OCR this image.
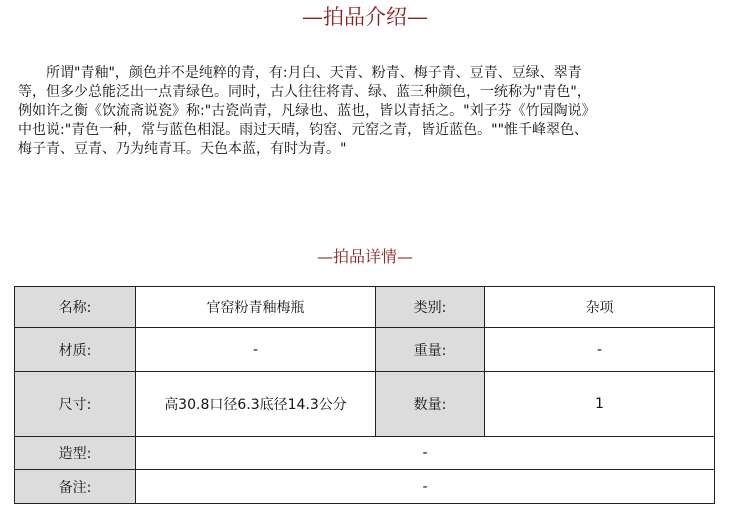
—拍品介绍—
所谓"青釉"，颜色并不是纯粹的青，有:月白、天青、粉青、梅子青、豆青、豆绿、翠青
等，但多少总能泛出一点青绿色。同时，古人往往将青、绿、蓝三种颜色，一统称为"青色"，
例如许之衡《饮流斋说瓷》称:"古瓷尚青，凡绿也、蓝也，皆以青括之。"刘子芬《竹园陶说》
中也说:"青色一种，常与蓝色相混。雨过天晴，钧窑、元窑之青，皆近蓝色。""惟千峰翠色、
梅子青、豆青、乃为纯青耳。天色本蓝，有时为青。"
—拍品详情—
名称:	官窑粉青釉梅瓶	类别:	杂项
材质:	-	重量:	-
尺寸:	高30.8口径6.3底径14.3公分	数量:	1
造型:	-		
备注:	-		
